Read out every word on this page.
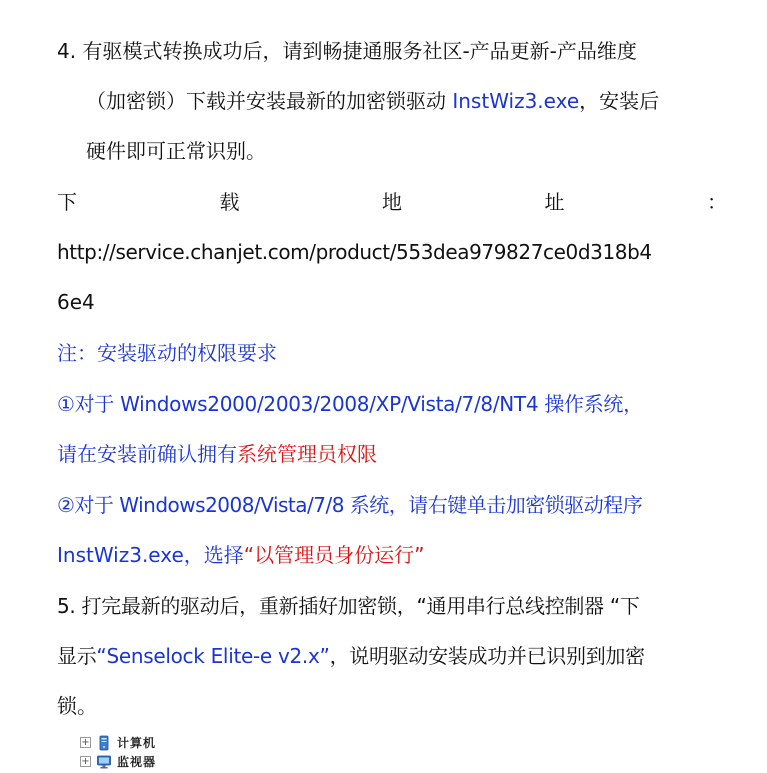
4. 有驱模式转换成功后，请到畅捷通服务社区-产品更新-产品维度
（加密锁）下载并安装最新的加密锁驱动 InstWiz3.exe，安装后
硬件即可正常识别。
下	载	地	址	：
http://service.chanjet.com/product/553dea979827ce0d318b4
6e4
注：安装驱动的权限要求
①对于 Windows2000/2003/2008/XP/Vista/7/8/NT4 操作系统，
请在安装前确认拥有系统管理员权限
②对于 Windows2008/Vista/7/8 系统，请右键单击加密锁驱动程序
InstWiz3.exe，选择“以管理员身份运行”
5. 打完最新的驱动后，重新插好加密锁，“通用串行总线控制器 “下
显示“Senselock Elite-e v2.x”，说明驱动安装成功并已识别到加密
锁。
+ 计算机
+ 监视器
